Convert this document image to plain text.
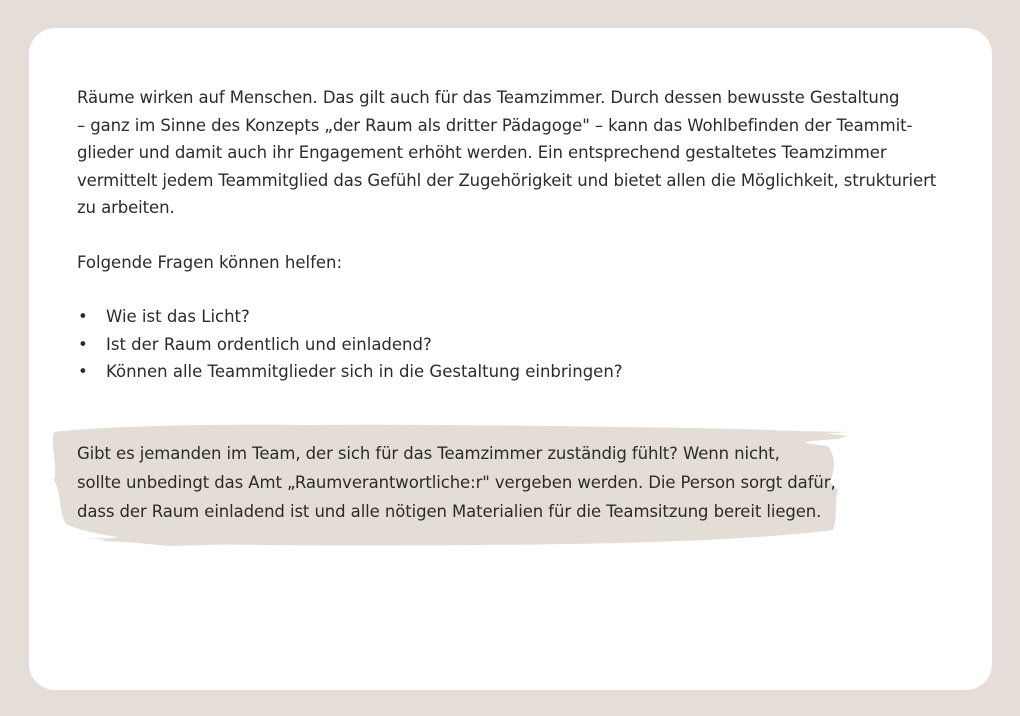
Räume wirken auf Menschen. Das gilt auch für das Teamzimmer. Durch dessen bewusste Gestaltung
– ganz im Sinne des Konzepts „der Raum als dritter Pädagoge" – kann das Wohlbefinden der Teammit-
glieder und damit auch ihr Engagement erhöht werden. Ein entsprechend gestaltetes Teamzimmer
vermittelt jedem Teammitglied das Gefühl der Zugehörigkeit und bietet allen die Möglichkeit, strukturiert
zu arbeiten.

Folgende Fragen können helfen:

• Wie ist das Licht?
• Ist der Raum ordentlich und einladend?
• Können alle Teammitglieder sich in die Gestaltung einbringen?

Gibt es jemanden im Team, der sich für das Teamzimmer zuständig fühlt? Wenn nicht,
sollte unbedingt das Amt „Raumverantwortliche:r" vergeben werden. Die Person sorgt dafür,
dass der Raum einladend ist und alle nötigen Materialien für die Teamsitzung bereit liegen.
